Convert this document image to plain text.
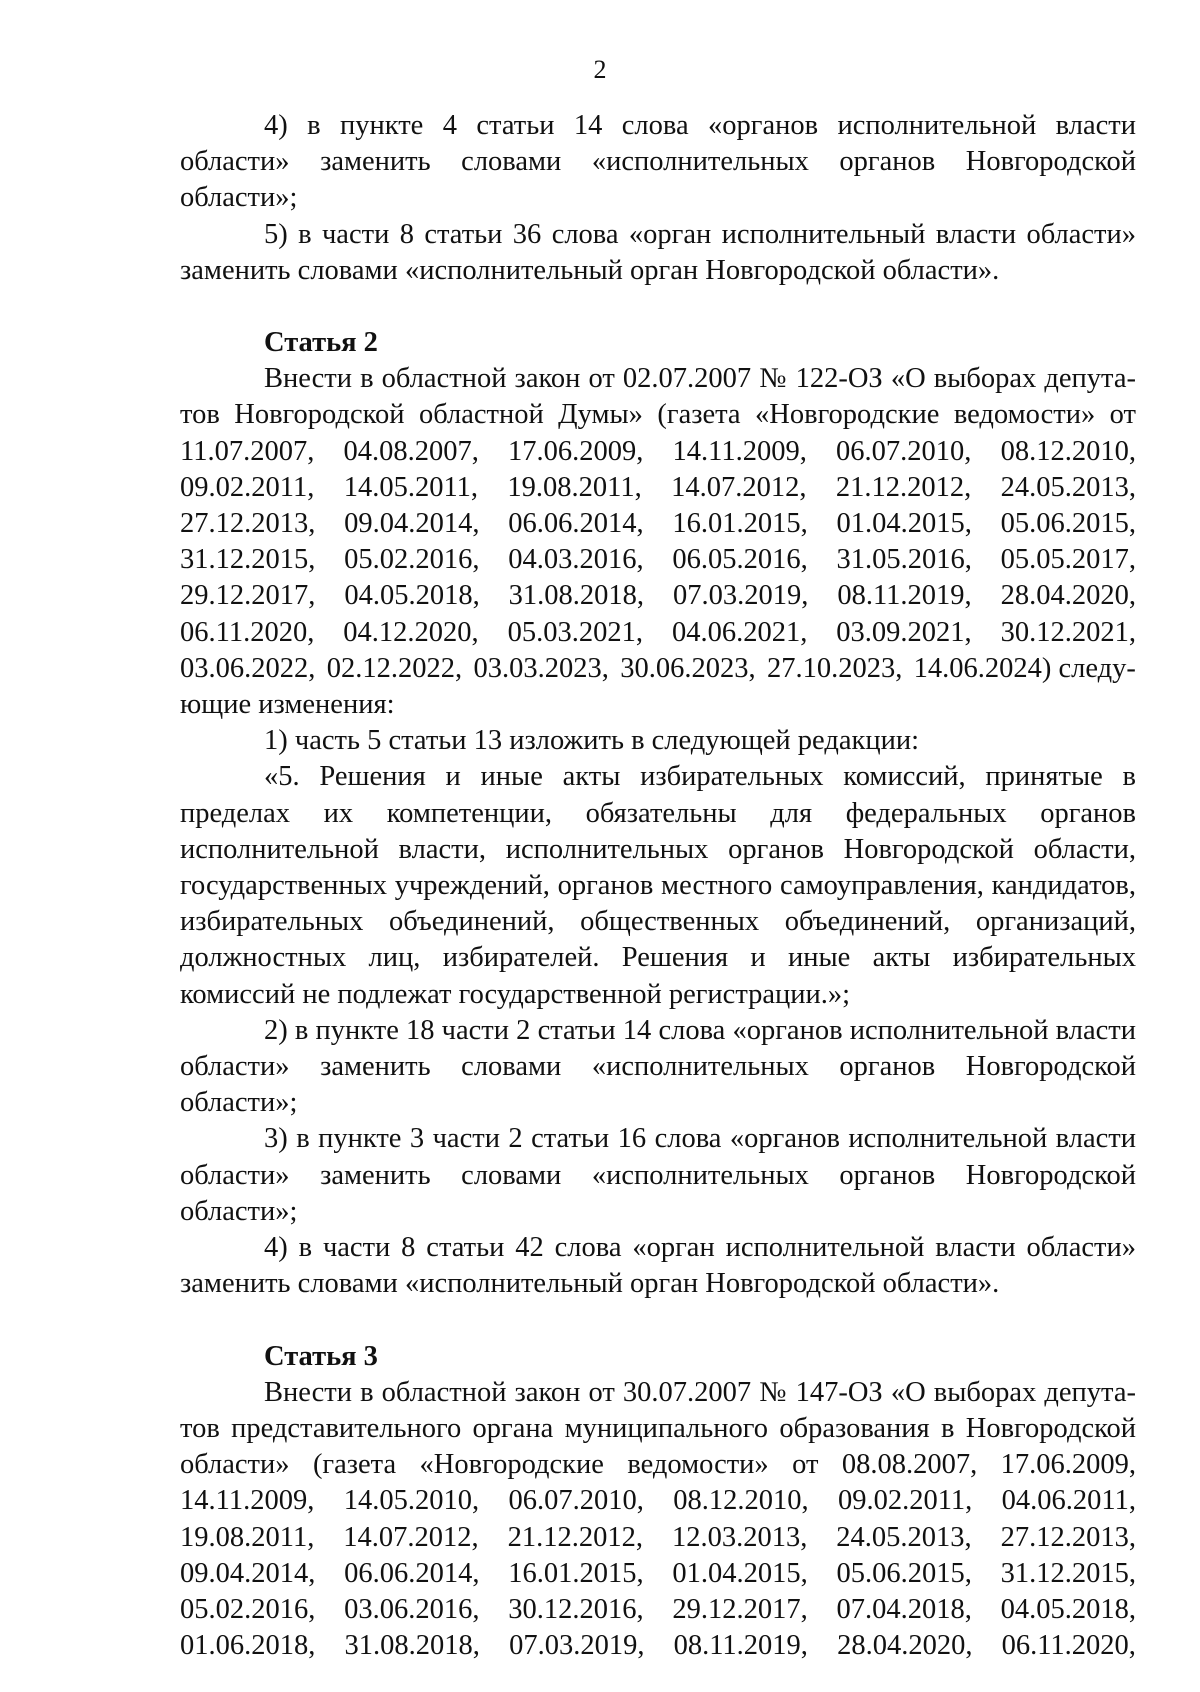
2

4) в пункте 4 статьи 14 слова «органов исполнительной власти области» заменить словами «исполнительных органов Новгородской области»;

5) в части 8 статьи 36 слова «орган исполнительный власти области» заменить словами «исполнительный орган Новгородской области».

Статья 2

Внести в областной закон от 02.07.2007 № 122-ОЗ «О выборах депута-
тов Новгородской областной Думы» (газета «Новгородские ведомости» от
11.07.2007, 04.08.2007, 17.06.2009, 14.11.2009, 06.07.2010, 08.12.2010,
09.02.2011, 14.05.2011, 19.08.2011, 14.07.2012, 21.12.2012, 24.05.2013,
27.12.2013, 09.04.2014, 06.06.2014, 16.01.2015, 01.04.2015, 05.06.2015,
31.12.2015, 05.02.2016, 04.03.2016, 06.05.2016, 31.05.2016, 05.05.2017,
29.12.2017, 04.05.2018, 31.08.2018, 07.03.2019, 08.11.2019, 28.04.2020,
06.11.2020, 04.12.2020, 05.03.2021, 04.06.2021, 03.09.2021, 30.12.2021,
03.06.2022, 02.12.2022, 03.03.2023, 30.06.2023, 27.10.2023, 14.06.2024) следу-

ющие изменения:

1) часть 5 статьи 13 изложить в следующей редакции:

«5. Решения и иные акты избирательных комиссий, принятые в пределах их компетенции, обязательны для федеральных органов исполнительной власти, исполнительных органов Новгородской области, государственных учреждений, органов местного самоуправления, кандидатов, избирательных объединений, общественных объединений, организаций, должностных лиц, избирателей. Решения и иные акты избирательных комиссий не подлежат государственной регистрации.»;

2) в пункте 18 части 2 статьи 14 слова «органов исполнительной власти области» заменить словами «исполнительных органов Новгородской области»;

3) в пункте 3 части 2 статьи 16 слова «органов исполнительной власти области» заменить словами «исполнительных органов Новгородской области»;

4) в части 8 статьи 42 слова «орган исполнительной власти области» заменить словами «исполнительный орган Новгородской области».

Статья 3

Внести в областной закон от 30.07.2007 № 147-ОЗ «О выборах депута-
тов представительного органа муниципального образования в Новгородской
области» (газета «Новгородские ведомости» от 08.08.2007, 17.06.2009,
14.11.2009, 14.05.2010, 06.07.2010, 08.12.2010, 09.02.2011, 04.06.2011,
19.08.2011, 14.07.2012, 21.12.2012, 12.03.2013, 24.05.2013, 27.12.2013,
09.04.2014, 06.06.2014, 16.01.2015, 01.04.2015, 05.06.2015, 31.12.2015,
05.02.2016, 03.06.2016, 30.12.2016, 29.12.2017, 07.04.2018, 04.05.2018,
01.06.2018, 31.08.2018, 07.03.2019, 08.11.2019, 28.04.2020, 06.11.2020,
